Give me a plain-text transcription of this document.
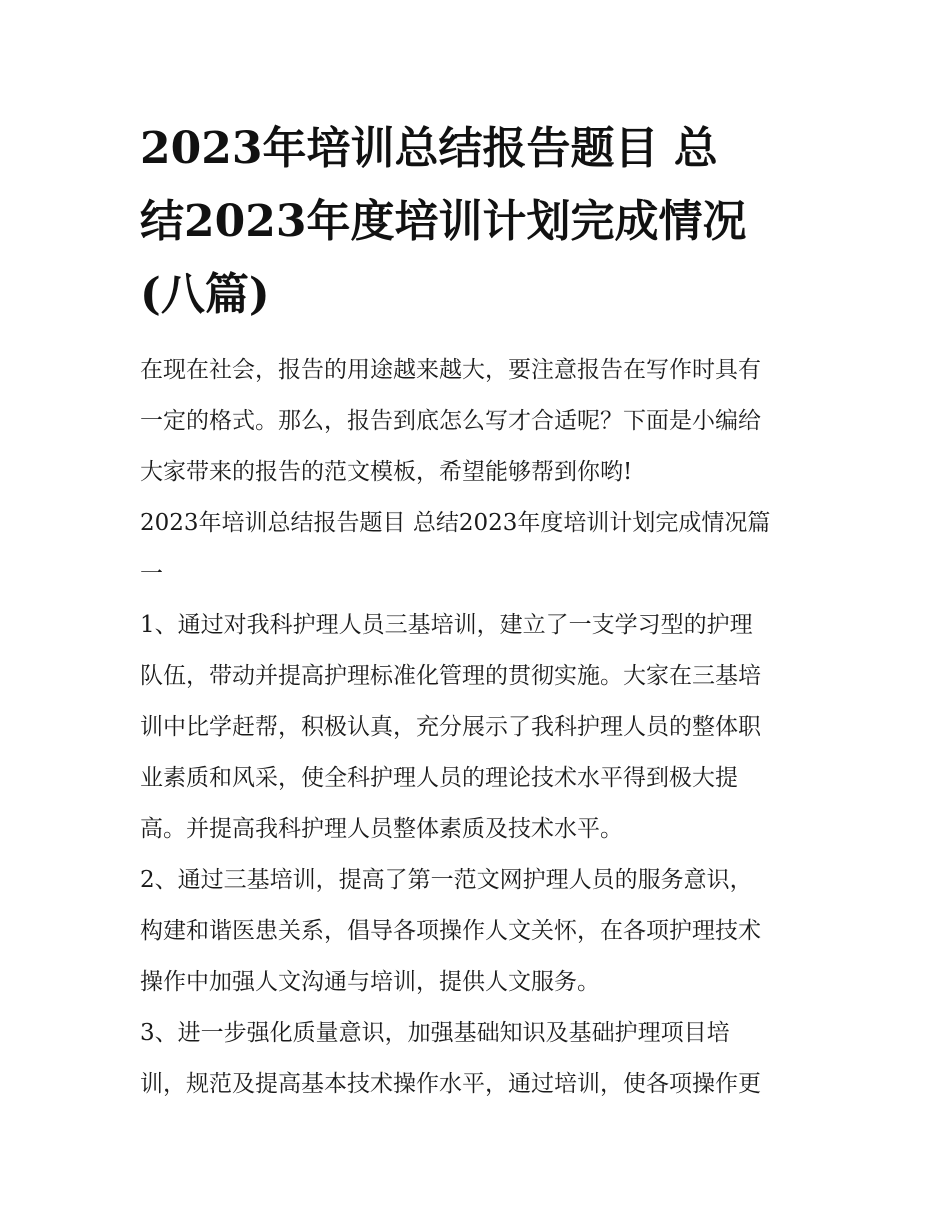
2023年培训总结报告题目 总
结2023年度培训计划完成情况
(八篇)

在现在社会，报告的用途越来越大，要注意报告在写作时具有
一定的格式。那么，报告到底怎么写才合适呢？下面是小编给
大家带来的报告的范文模板，希望能够帮到你哟!

2023年培训总结报告题目 总结2023年度培训计划完成情况篇
一

1、通过对我科护理人员三基培训，建立了一支学习型的护理
队伍，带动并提高护理标准化管理的贯彻实施。大家在三基培
训中比学赶帮，积极认真，充分展示了我科护理人员的整体职
业素质和风采，使全科护理人员的理论技术水平得到极大提
高。并提高我科护理人员整体素质及技术水平。

2、通过三基培训，提高了第一范文网护理人员的服务意识，
构建和谐医患关系，倡导各项操作人文关怀，在各项护理技术
操作中加强人文沟通与培训，提供人文服务。

3、进一步强化质量意识，加强基础知识及基础护理项目培
训，规范及提高基本技术操作水平，通过培训，使各项操作更
